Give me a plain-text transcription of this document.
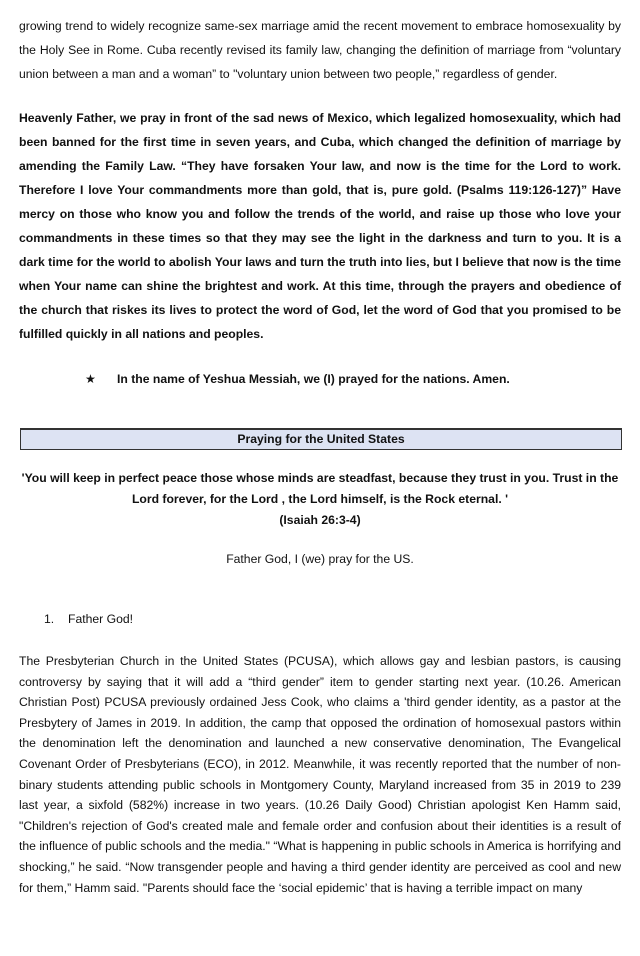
growing trend to widely recognize same-sex marriage amid the recent movement to embrace homosexuality by the Holy See in Rome. Cuba recently revised its family law, changing the definition of marriage from “voluntary union between a man and a woman” to "voluntary union between two people,” regardless of gender.

Heavenly Father, we pray in front of the sad news of Mexico, which legalized homosexuality, which had been banned for the first time in seven years, and Cuba, which changed the definition of marriage by amending the Family Law. “They have forsaken Your law, and now is the time for the Lord to work. Therefore I love Your commandments more than gold, that is, pure gold. (Psalms 119:126-127)” Have mercy on those who know you and follow the trends of the world, and raise up those who love your commandments in these times so that they may see the light in the darkness and turn to you. It is a dark time for the world to abolish Your laws and turn the truth into lies, but I believe that now is the time when Your name can shine the brightest and work. At this time, through the prayers and obedience of the church that riskes its lives to protect the word of God, let the word of God that you promised to be fulfilled quickly in all nations and peoples.

★ In the name of Yeshua Messiah, we (I) prayed for the nations. Amen.
Praying for the United States
'You will keep in perfect peace those whose minds are steadfast, because they trust in you. Trust in the Lord forever, for the Lord , the Lord himself, is the Rock eternal. '
(Isaiah 26:3-4)
Father God, I (we) pray for the US.
1. Father God!

The Presbyterian Church in the United States (PCUSA), which allows gay and lesbian pastors, is causing controversy by saying that it will add a “third gender” item to gender starting next year. (10.26. American Christian Post) PCUSA previously ordained Jess Cook, who claims a 'third gender identity, as a pastor at the Presbytery of James in 2019. In addition, the camp that opposed the ordination of homosexual pastors within the denomination left the denomination and launched a new conservative denomination, The Evangelical Covenant Order of Presbyterians (ECO), in 2012. Meanwhile, it was recently reported that the number of non-binary students attending public schools in Montgomery County, Maryland increased from 35 in 2019 to 239 last year, a sixfold (582%) increase in two years. (10.26 Daily Good) Christian apologist Ken Hamm said, "Children's rejection of God's created male and female order and confusion about their identities is a result of the influence of public schools and the media." “What is happening in public schools in America is horrifying and shocking,” he said. “Now transgender people and having a third gender identity are perceived as cool and new for them,” Hamm said. "Parents should face the ‘social epidemic’ that is having a terrible impact on many
